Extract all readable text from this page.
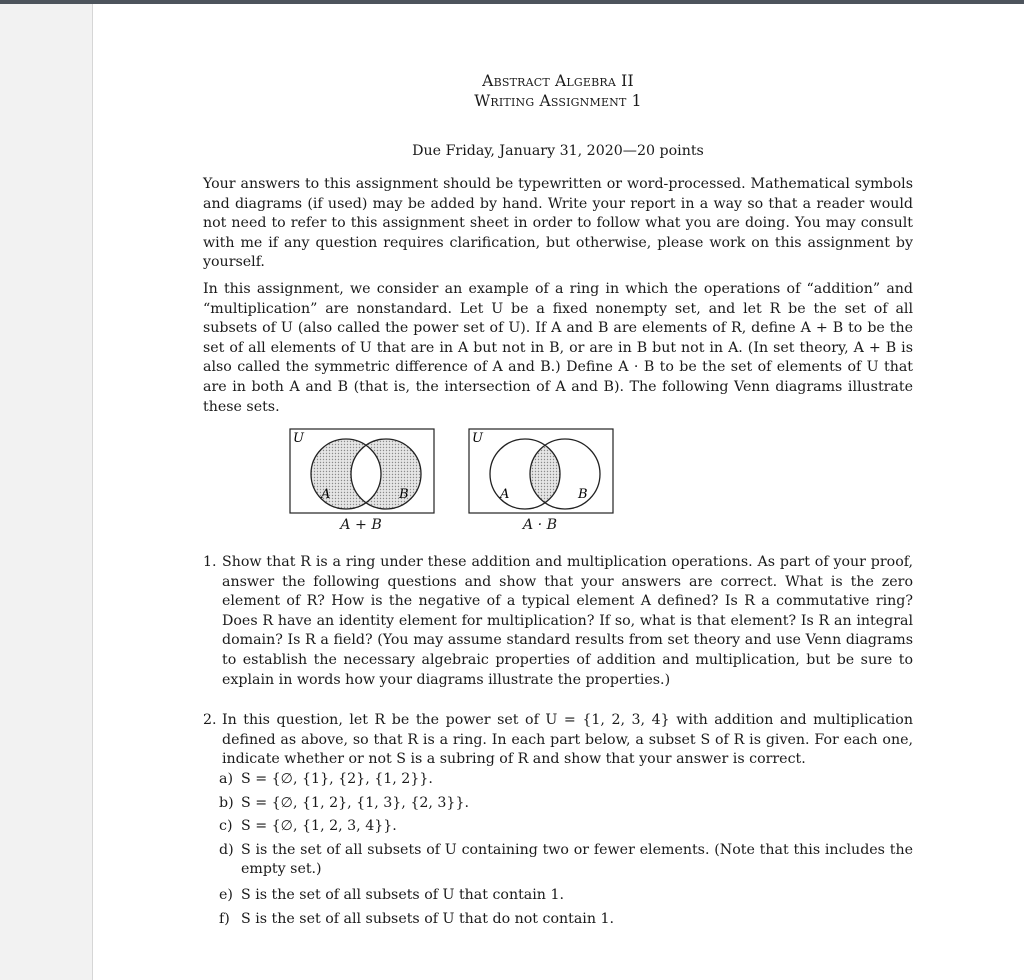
Abstract Algebra II
Writing Assignment 1
Due Friday, January 31, 2020—20 points

Your answers to this assignment should be typewritten or word-processed. Mathematical symbols and diagrams (if used) may be added by hand. Write your report in a way so that a reader would not need to refer to this assignment sheet in order to follow what you are doing. You may consult with me if any question requires clarification, but otherwise, please work on this assignment by yourself.

In this assignment, we consider an example of a ring in which the operations of “addition” and “multiplication” are nonstandard. Let U be a fixed nonempty set, and let R be the set of all subsets of U (also called the power set of U). If A and B are elements of R, define A + B to be the set of all elements of U that are in A but not in B, or are in B but not in A. (In set theory, A + B is also called the symmetric difference of A and B.) Define A · B to be the set of elements of U that are in both A and B (that is, the intersection of A and B). The following Venn diagrams illustrate these sets.

U
A	B
A + B
U
A	B
A · B
1. Show that R is a ring under these addition and multiplication operations. As part of your proof, answer the following questions and show that your answers are correct. What is the zero element of R? How is the negative of a typical element A defined? Is R a commutative ring? Does R have an identity element for multiplication? If so, what is that element? Is R an integral domain? Is R a field? (You may assume standard results from set theory and use Venn diagrams to establish the necessary algebraic properties of addition and multiplication, but be sure to explain in words how your diagrams illustrate the properties.)
2. In this question, let R be the power set of U = {1, 2, 3, 4} with addition and multiplication defined as above, so that R is a ring. In each part below, a subset S of R is given. For each one, indicate whether or not S is a subring of R and show that your answer is correct.
a) S = {∅, {1}, {2}, {1, 2}}.
b) S = {∅, {1, 2}, {1, 3}, {2, 3}}.
c) S = {∅, {1, 2, 3, 4}}.
d) S is the set of all subsets of U containing two or fewer elements. (Note that this includes the empty set.)
e) S is the set of all subsets of U that contain 1.
f) S is the set of all subsets of U that do not contain 1.
